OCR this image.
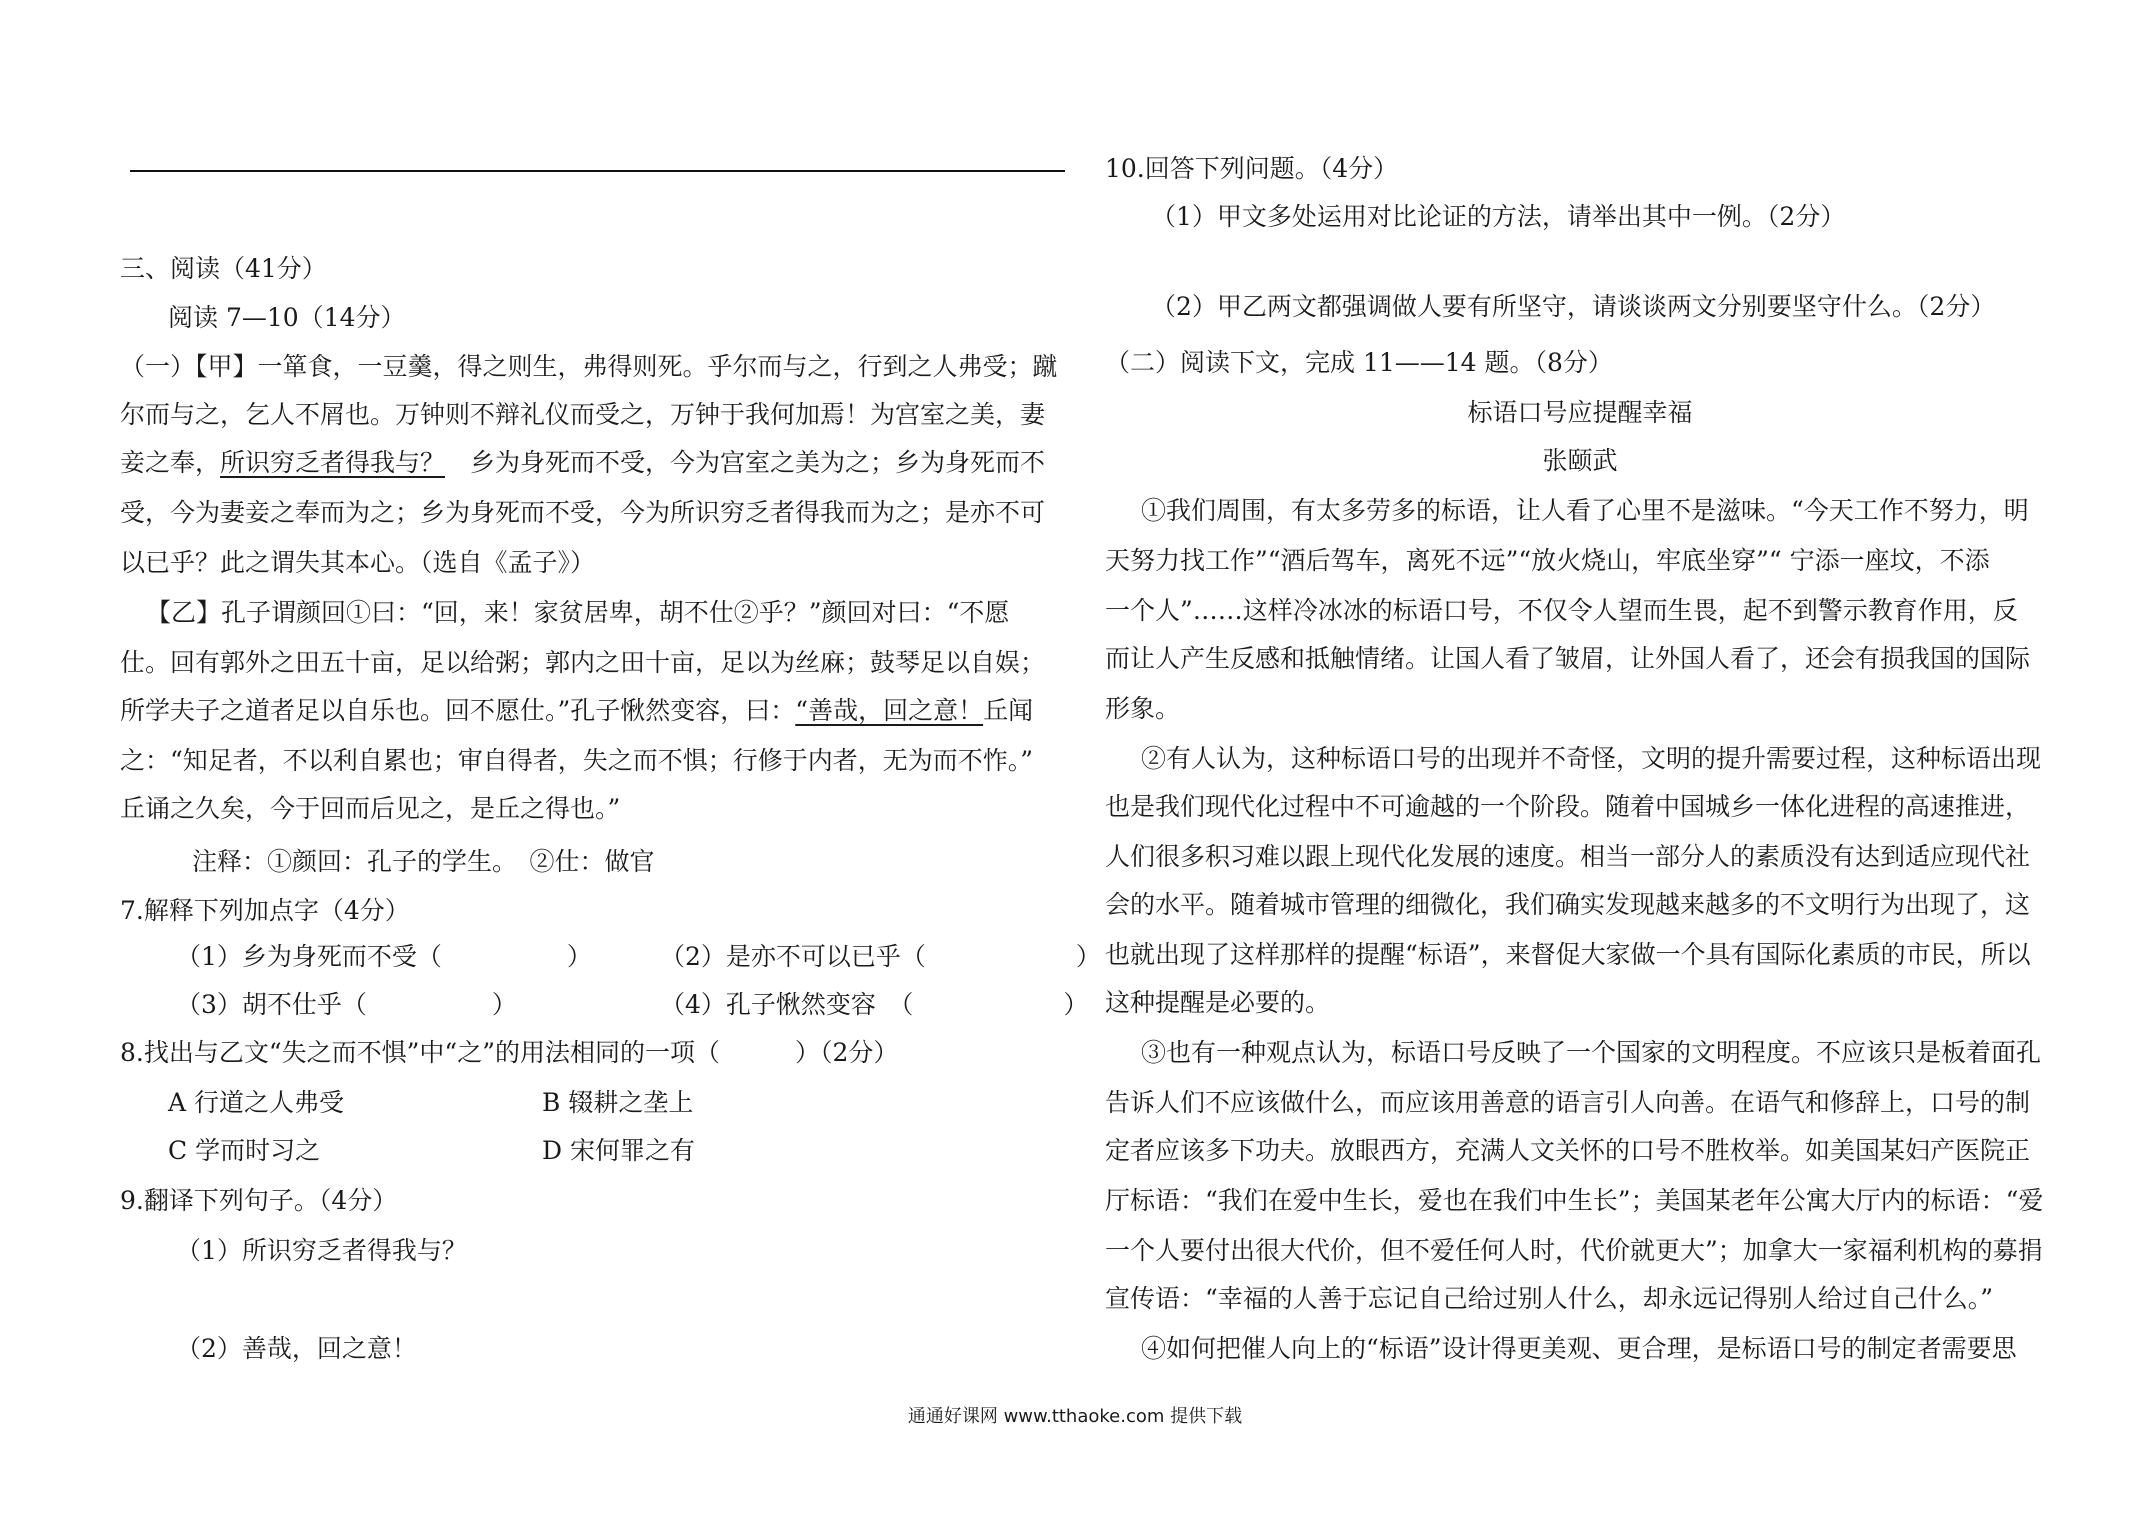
三、阅读（41分）
阅读 7—10（14分）
（一）【甲】一箪食，一豆羹，得之则生，弗得则死。乎尔而与之，行到之人弗受；蹴
尔而与之，乞人不屑也。万钟则不辩礼仪而受之，万钟于我何加焉！为宫室之美，妻
妾之奉，所识穷乏者得我与？　 乡为身死而不受，今为宫室之美为之；乡为身死而不
受，今为妻妾之奉而为之；乡为身死而不受，今为所识穷乏者得我而为之；是亦不可
以已乎？此之谓失其本心。（选自《孟子》）
【乙】孔子谓颜回①曰：“回，来！家贫居卑，胡不仕②乎？”颜回对曰：“不愿
仕。回有郭外之田五十亩，足以给粥；郭内之田十亩，足以为丝麻；鼓琴足以自娱；
所学夫子之道者足以自乐也。回不愿仕。”孔子愀然变容，曰：“善哉，回之意！丘闻
之：“知足者，不以利自累也；审自得者，失之而不惧；行修于内者，无为而不怍。”
丘诵之久矣，今于回而后见之，是丘之得也。”
注释：①颜回：孔子的学生。　②仕：做官
7.解释下列加点字（4分）
（1）乡为身死而不受（　　　　　）	（2）是亦不可以已乎（　　　　　　）
（3）胡不仕乎（　　　　　）	（4）孔子愀然变容　（　　　　　　）
8.找出与乙文“失之而不惧”中“之”的用法相同的一项（　　　）（2分）
A 行道之人弗受	B 辍耕之垄上
C 学而时习之	D 宋何罪之有
9.翻译下列句子。（4分）
（1）所识穷乏者得我与？
（2）善哉，回之意！
10.回答下列问题。（4分）
（1）甲文多处运用对比论证的方法，请举出其中一例。（2分）
（2）甲乙两文都强调做人要有所坚守，请谈谈两文分别要坚守什么。（2分）
（二）阅读下文，完成 11——14 题。（8分）
标语口号应提醒幸福
张颐武
①我们周围，有太多劳多的标语，让人看了心里不是滋味。“今天工作不努力，明
天努力找工作”“酒后驾车，离死不远”“放火烧山，牢底坐穿”“ 宁添一座坟，不添
一个人”……这样冷冰冰的标语口号，不仅令人望而生畏，起不到警示教育作用，反
而让人产生反感和抵触情绪。让国人看了皱眉，让外国人看了，还会有损我国的国际
形象。
②有人认为，这种标语口号的出现并不奇怪，文明的提升需要过程，这种标语出现
也是我们现代化过程中不可逾越的一个阶段。随着中国城乡一体化进程的高速推进，
人们很多积习难以跟上现代化发展的速度。相当一部分人的素质没有达到适应现代社
会的水平。随着城市管理的细微化，我们确实发现越来越多的不文明行为出现了，这
也就出现了这样那样的提醒“标语”，来督促大家做一个具有国际化素质的市民，所以
这种提醒是必要的。
③也有一种观点认为，标语口号反映了一个国家的文明程度。不应该只是板着面孔
告诉人们不应该做什么，而应该用善意的语言引人向善。在语气和修辞上，口号的制
定者应该多下功夫。放眼西方，充满人文关怀的口号不胜枚举。如美国某妇产医院正
厅标语：“我们在爱中生长，爱也在我们中生长”；美国某老年公寓大厅内的标语：“爱
一个人要付出很大代价，但不爱任何人时，代价就更大”；加拿大一家福利机构的募捐
宣传语：“幸福的人善于忘记自己给过别人什么，却永远记得别人给过自己什么。”
④如何把催人向上的“标语”设计得更美观、更合理，是标语口号的制定者需要思
通通好课网 www.tthaoke.com 提供下载
